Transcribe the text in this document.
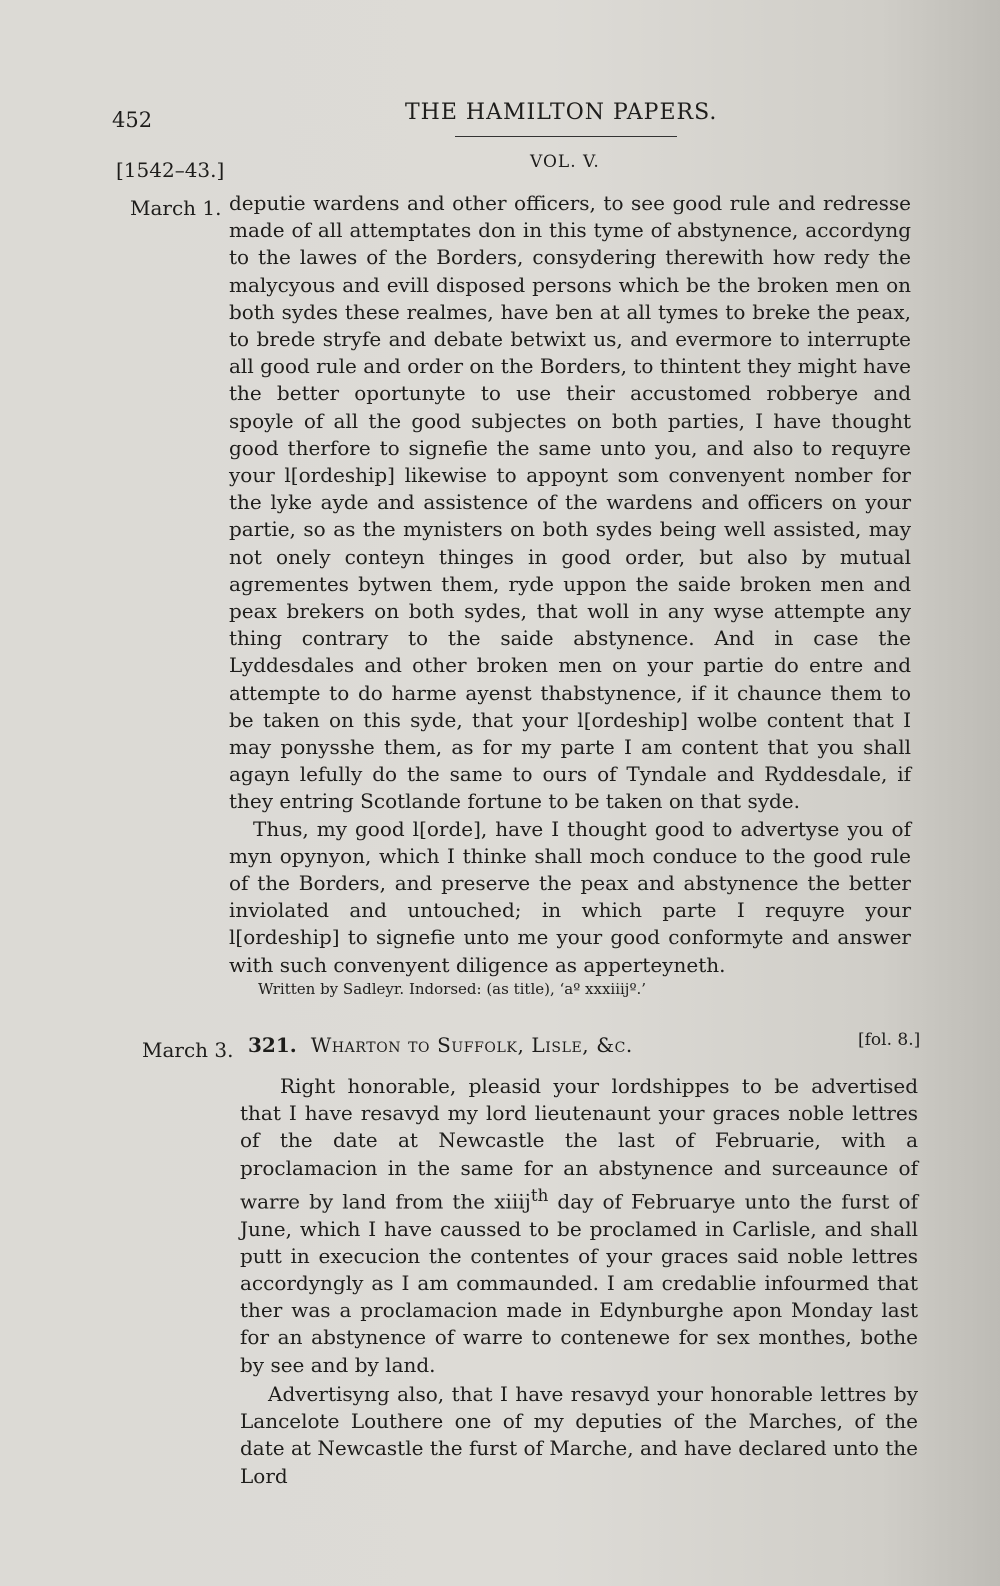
452	THE HAMILTON PAPERS.
[1542–43.]	VOL. V.
March 1. deputie wardens and other officers, to see good rule and redresse made of all attemptates don in this tyme of abstynence, accordyng to the lawes of the Borders, consydering therewith how redy the malycyous and evill disposed persons which be the broken men on both sydes these realmes, have ben at all tymes to breke the peax, to brede stryfe and debate betwixt us, and evermore to interrupte all good rule and order on the Borders, to thintent they might have the better oportunyte to use their accustomed robberye and spoyle of all the good subjectes on both parties, I have thought good therfore to signefie the same unto you, and also to requyre your l[ordeship] likewise to appoynt som convenyent nomber for the lyke ayde and assistence of the wardens and officers on your partie, so as the mynisters on both sydes being well assisted, may not onely conteyn thinges in good order, but also by mutual agrementes bytwen them, ryde uppon the saide broken men and peax brekers on both sydes, that woll in any wyse attempte any thing contrary to the saide abstynence. And in case the Lyddesdales and other broken men on your partie do entre and attempte to do harme ayenst thabstynence, if it chaunce them to be taken on this syde, that your l[ordeship] wolbe content that I may ponysshe them, as for my parte I am content that you shall agayn lefully do the same to ours of Tyndale and Ryddesdale, if they entring Scotlande fortune to be taken on that syde.

Thus, my good l[orde], have I thought good to advertyse you of myn opynyon, which I thinke shall moch conduce to the good rule of the Borders, and preserve the peax and abstynence the better inviolated and untouched; in which parte I requyre your l[ordeship] to signefie unto me your good conformyte and answer with such convenyent diligence as apperteyneth.

Written by Sadleyr. Indorsed: (as title), ‘aº xxxiiijº.’
March 3. 321. Wharton to Suffolk, Lisle, &c.	[fol. 8.]

Right honorable, pleasid your lordshippes to be advertised that I have resavyd my lord lieutenaunt your graces noble lettres of the date at Newcastle the last of Februarie, with a proclamacion in the same for an abstynence and surceaunce of warre by land from the xiiij$^{th}$ day of Februarye unto the furst of June, which I have caussed to be proclamed in Carlisle, and shall putt in execucion the contentes of your graces said noble lettres accordyngly as I am commaunded. I am credablie infourmed that ther was a proclamacion made in Edynburghe apon Monday last for an abstynence of warre to contenewe for sex monthes, bothe by see and by land.

Advertisyng also, that I have resavyd your honorable lettres by Lancelote Louthere one of my deputies of the Marches, of the date at Newcastle the furst of Marche, and have declared unto the Lord
